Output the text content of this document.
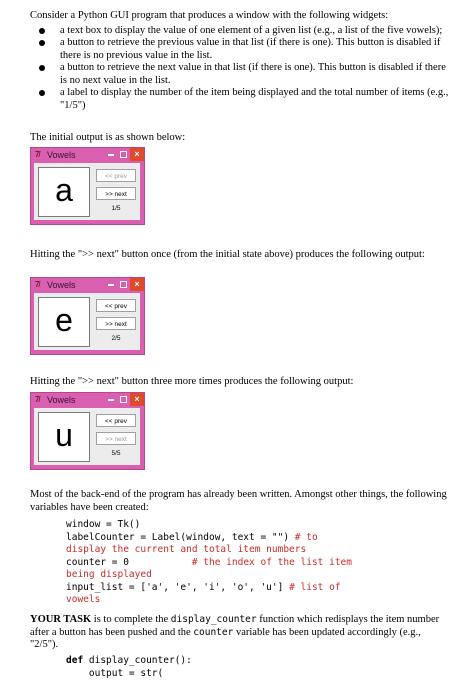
Consider a Python GUI program that produces a window with the following widgets:

a text box to display the value of one element of a given list (e.g., a list of the five vowels);
a button to retrieve the previous value in that list (if there is one). This button is disabled if there is no previous value in the list.
a button to retrieve the next value in that list (if there is one). This button is disabled if there is no next value in the list.
a label to display the number of the item being displayed and the total number of items (e.g., "1/5")

The initial output is as shown below:

7̸ Vowels	×
a	<< prev
>> next
1/5

Hitting the ">> next" button once (from the initial state above) produces the following output:

7̸ Vowels	×
e	<< prev
>> next
2/5

Hitting the ">> next" button three more times produces the following output:

7̸ Vowels	×
u	<< prev
>> next
5/5

Most of the back-end of the program has already been written. Amongst other things, the following variables have been created:

window = Tk()
labelCounter = Label(window, text = "") # to
display the current and total item numbers
counter = 0           # the index of the list item
being displayed
input_list = ['a', 'e', 'i', 'o', 'u'] # list of
vowels

YOUR TASK is to complete the display_counter function which redisplays the item number after a button has been pushed and the counter variable has been updated accordingly (e.g., "2/5").

def display_counter():
output = str(
